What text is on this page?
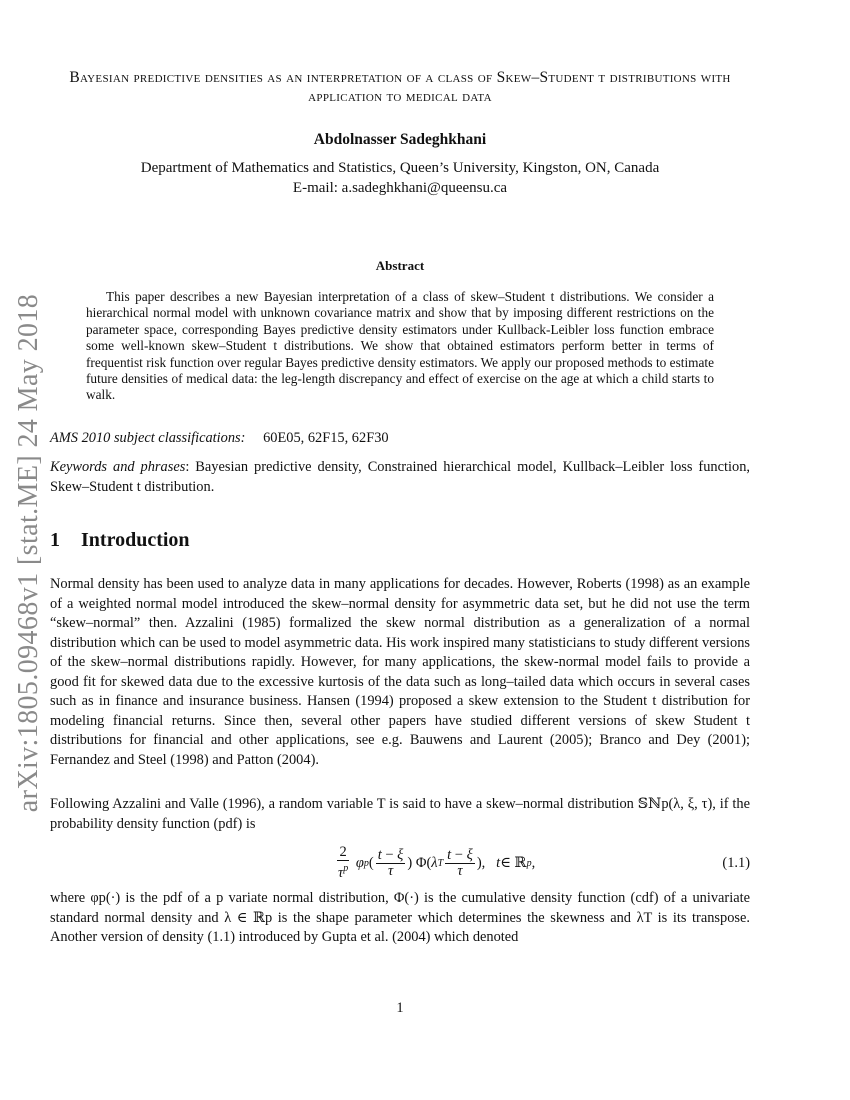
arXiv:1805.09468v1 [stat.ME] 24 May 2018
Bayesian predictive densities as an interpretation of a class of Skew–Student t distributions with application to medical data
Abdolnasser Sadeghkhani
Department of Mathematics and Statistics, Queen’s University, Kingston, ON, Canada
E-mail: a.sadeghkhani@queensu.ca
Abstract

This paper describes a new Bayesian interpretation of a class of skew–Student t distributions. We consider a hierarchical normal model with unknown covariance matrix and show that by imposing different restrictions on the parameter space, corresponding Bayes predictive density estimators under Kullback-Leibler loss function embrace some well-known skew–Student t distributions. We show that obtained estimators perform better in terms of frequentist risk function over regular Bayes predictive density estimators. We apply our proposed methods to estimate future densities of medical data: the leg-length discrepancy and effect of exercise on the age at which a child starts to walk.

AMS 2010 subject classifications: 60E05, 62F15, 62F30

Keywords and phrases: Bayesian predictive density, Constrained hierarchical model, Kullback–Leibler loss function, Skew–Student t distribution.

1 Introduction

Normal density has been used to analyze data in many applications for decades. However, Roberts (1998) as an example of a weighted normal model introduced the skew–normal density for asymmetric data set, but he did not use the term “skew–normal” then. Azzalini (1985) formalized the skew normal distribution as a generalization of a normal distribution which can be used to model asymmetric data. His work inspired many statisticians to study different versions of the skew–normal distributions rapidly. However, for many applications, the skew-normal model fails to provide a good fit for skewed data due to the excessive kurtosis of the data such as long–tailed data which occurs in several cases such as in finance and insurance business. Hansen (1994) proposed a skew extension to the Student t distribution for modeling financial returns. Since then, several other papers have studied different versions of skew Student t distributions for financial and other applications, see e.g. Bauwens and Laurent (2005); Branco and Dey (2001); Fernandez and Steel (1998) and Patton (2004).

Following Azzalini and Valle (1996), a random variable T is said to have a skew–normal distribution 𝕊ℕp(λ, ξ, τ), if the probability density function (pdf) is

$\frac{2}{\tau^p}$
φ p ( $\frac{t - \xi}{\tau}$ ) Φ( λ T $\frac{t - \xi}{\tau}$ ), t ∈ ℝ p ,	(1.1)

where φp(·) is the pdf of a p variate normal distribution, Φ(·) is the cumulative density function (cdf) of a univariate standard normal density and λ ∈ ℝp is the shape parameter which determines the skewness and λT is its transpose. Another version of density (1.1) introduced by Gupta et al. (2004) which denoted

1
